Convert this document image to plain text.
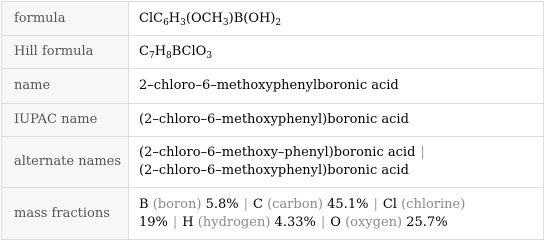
formula	$ClC_6H_3(OCH_3)B(OH)_2$
Hill formula	$C_7H_8BClO_3$
name	2–chloro–6–methoxyphenylboronic acid
IUPAC name	(2–chloro–6–methoxyphenyl)boronic acid
alternate names	(2–chloro–6–methoxy–phenyl)boronic acid |
(2–chloro–6–methoxyphenyl)boronic acid
mass fractions	B (boron) 5.8% | C (carbon) 45.1% | Cl (chlorine)
19% | H (hydrogen) 4.33% | O (oxygen) 25.7%
